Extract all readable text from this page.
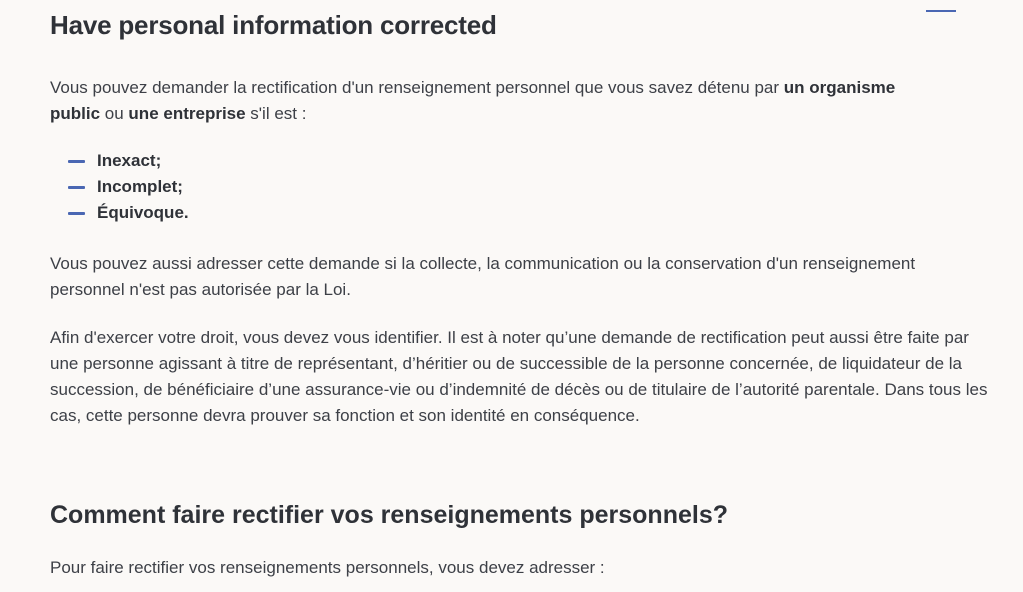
Have personal information corrected

Vous pouvez demander la rectification d'un renseignement personnel que vous savez détenu par un organisme public ou une entreprise s'il est :

Inexact;
Incomplet;
Équivoque.

Vous pouvez aussi adresser cette demande si la collecte, la communication ou la conservation d'un renseignement personnel n'est pas autorisée par la Loi.

Afin d'exercer votre droit, vous devez vous identifier. Il est à noter qu’une demande de rectification peut aussi être faite par une personne agissant à titre de représentant, d’héritier ou de successible de la personne concernée, de liquidateur de la succession, de bénéficiaire d’une assurance-vie ou d’indemnité de décès ou de titulaire de l’autorité parentale. Dans tous les cas, cette personne devra prouver sa fonction et son identité en conséquence.

Comment faire rectifier vos renseignements personnels?

Pour faire rectifier vos renseignements personnels, vous devez adresser :
